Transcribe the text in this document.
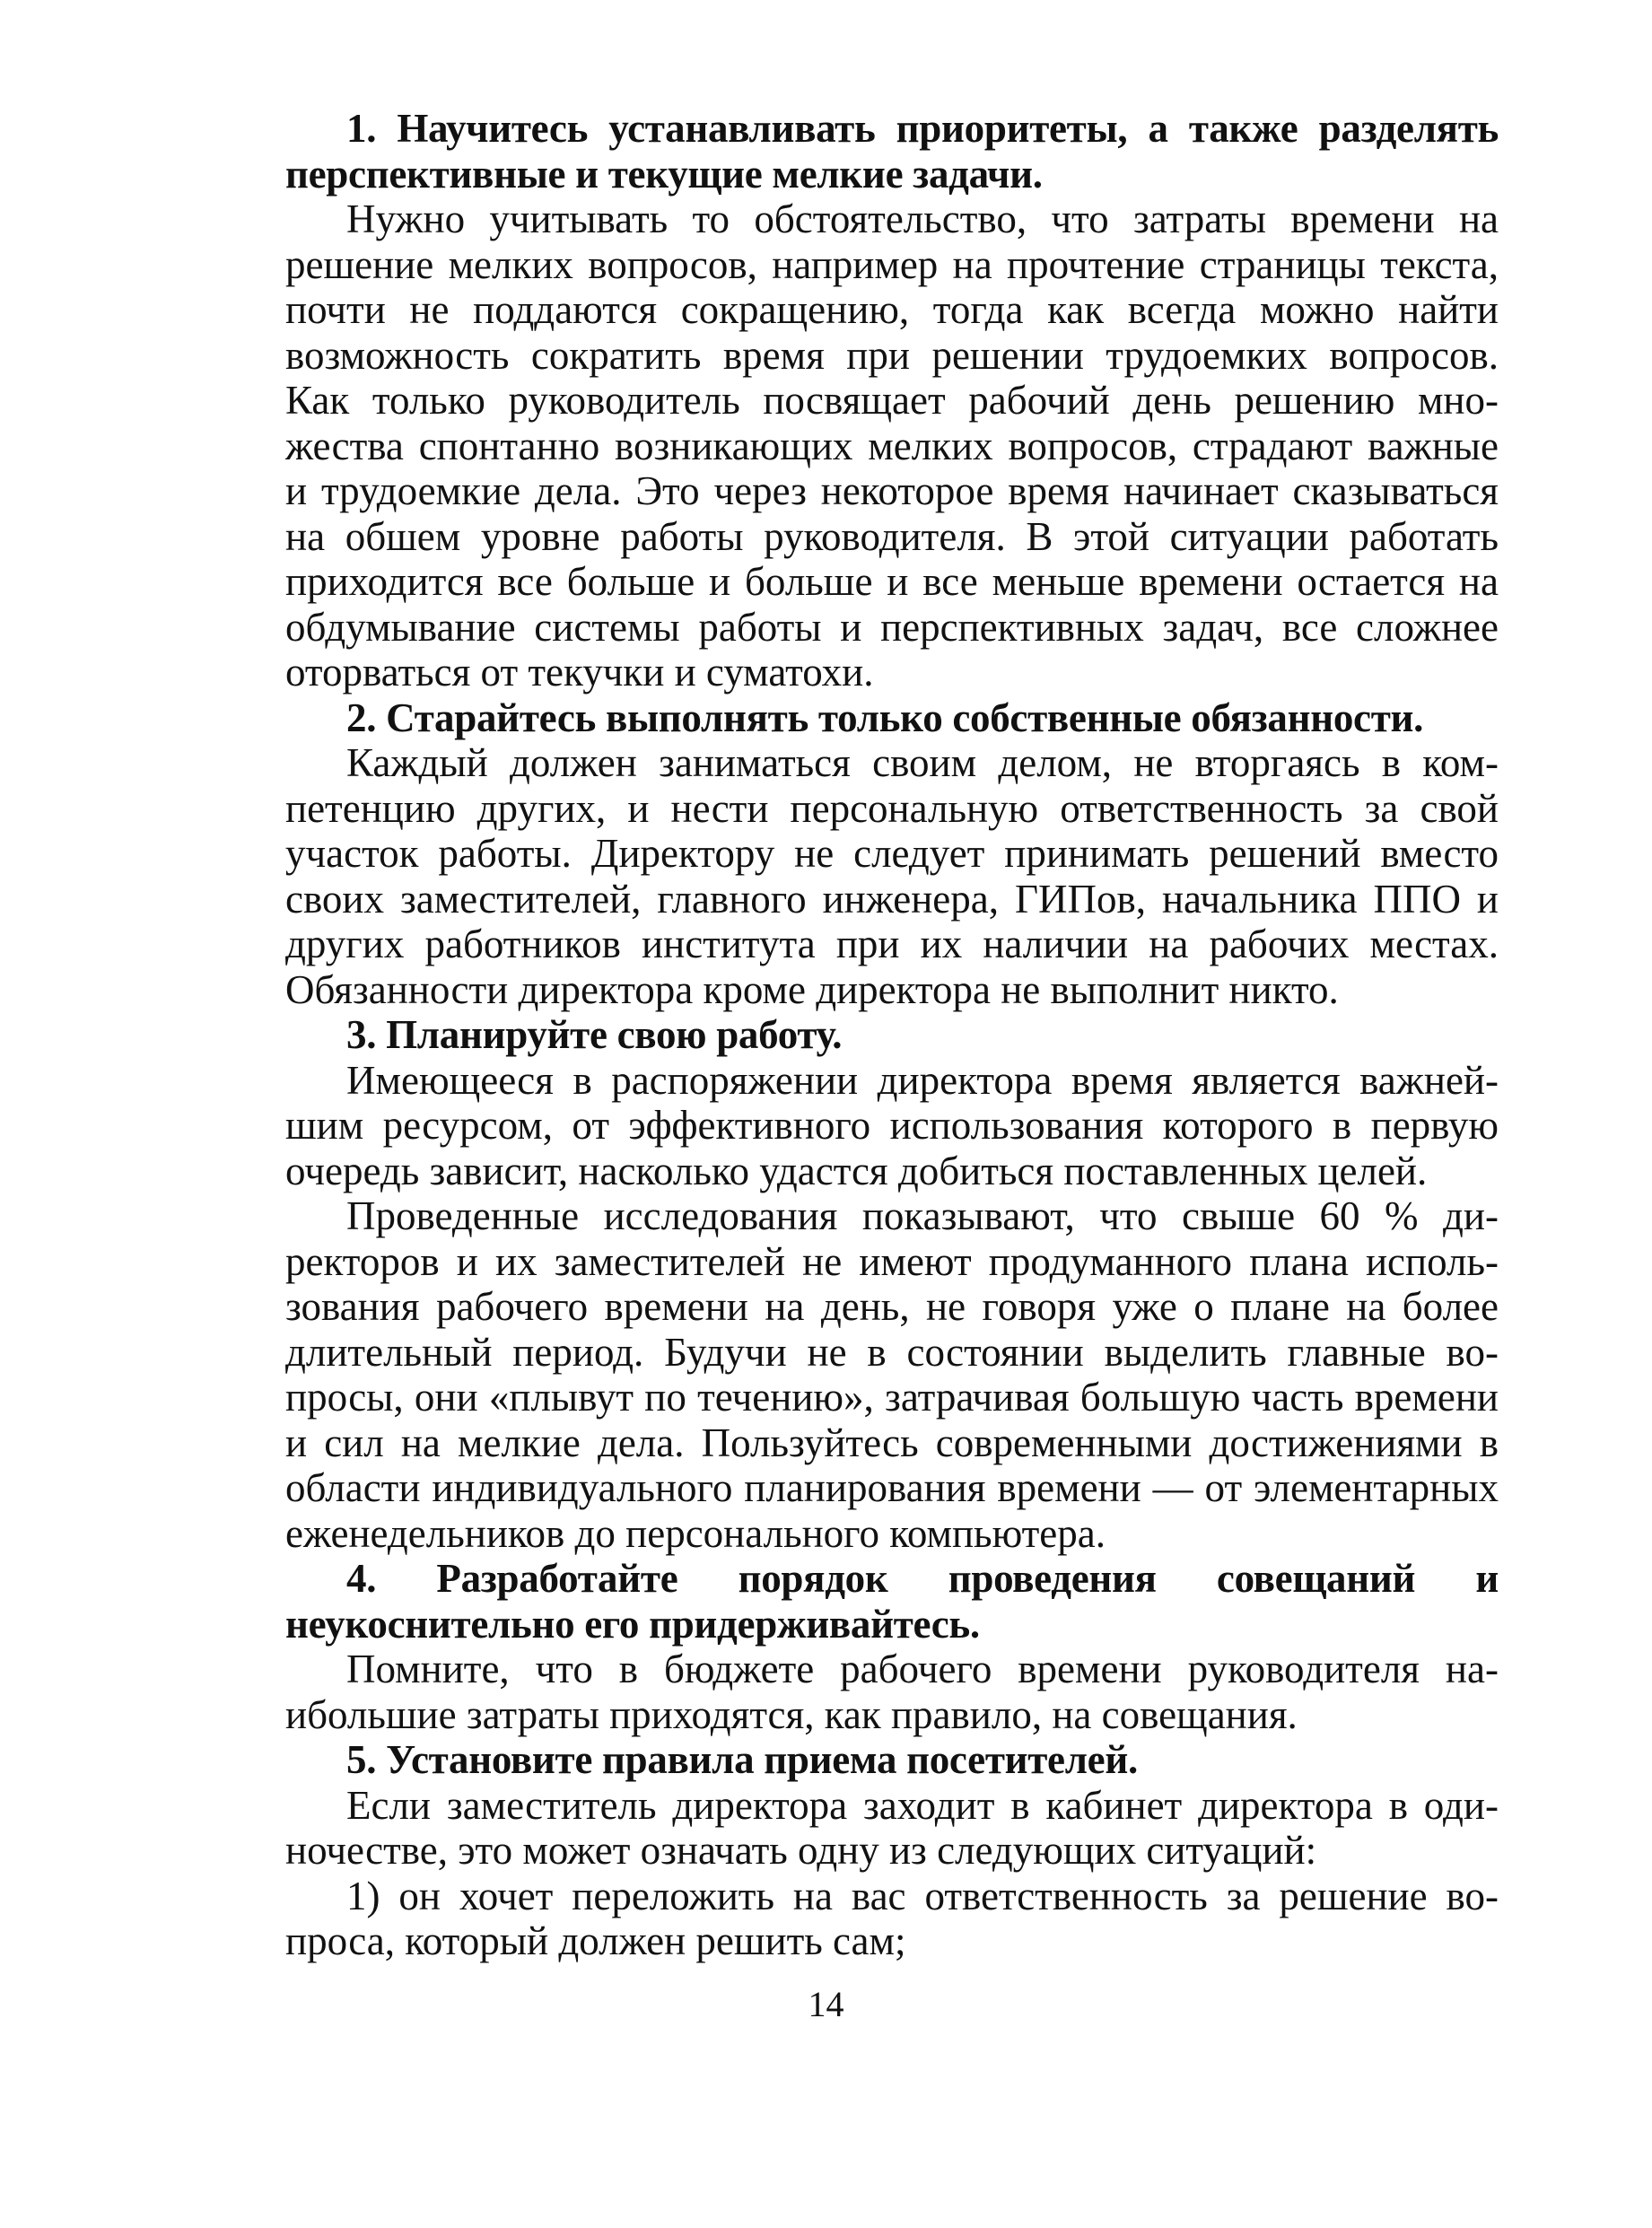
1. Научитесь устанавливать приоритеты, а также разделять перспективные и текущие мелкие задачи.

Нужно учитывать то обстоятельство, что затраты времени на решение мелких вопросов, например на прочтение страницы текста, почти не поддаются сокращению, тогда как всегда можно найти возможность сократить время при решении трудоемких вопросов. Как только руководитель посвящает рабочий день решению множества спонтанно возникающих мелких вопросов, страдают важные и трудоемкие дела. Это через некоторое время начинает сказываться на обшем уровне работы руководителя. В этой ситуации работать приходится все больше и больше и все меньше времени остается на обдумывание системы работы и перспективных задач, все сложнее оторваться от текучки и суматохи.

2. Старайтесь выполнять только собственные обязанности.

Каждый должен заниматься своим делом, не вторгаясь в компетенцию других, и нести персональную ответственность за свой участок работы. Директору не следует принимать решений вместо своих заместителей, главного инженера, ГИПов, начальника ППО и других работников института при их наличии на рабочих местах. Обязанности директора кроме директора не выполнит никто.

3. Планируйте свою работу.

Имеющееся в распоряжении директора время является важнейшим ресурсом, от эффективного использования которого в первую очередь зависит, насколько удастся добиться поставленных целей.

Проведенные исследования показывают, что свыше 60 % директоров и их заместителей не имеют продуманного плана использования рабочего времени на день, не говоря уже о плане на более длительный период. Будучи не в состоянии выделить главные вопросы, они «плывут по течению», затрачивая большую часть времени и сил на мелкие дела. Пользуйтесь современными достижениями в области индивидуального планирования времени — от элементарных еженедельников до персонального компьютера.

4. Разработайте порядок проведения совещаний и неукоснительно его придерживайтесь.

Помните, что в бюджете рабочего времени руководителя наибольшие затраты приходятся, как правило, на совещания.

5. Установите правила приема посетителей.

Если заместитель директора заходит в кабинет директора в одиночестве, это может означать одну из следующих ситуаций:

1) он хочет переложить на вас ответственность за решение вопроса, который должен решить сам;

14
